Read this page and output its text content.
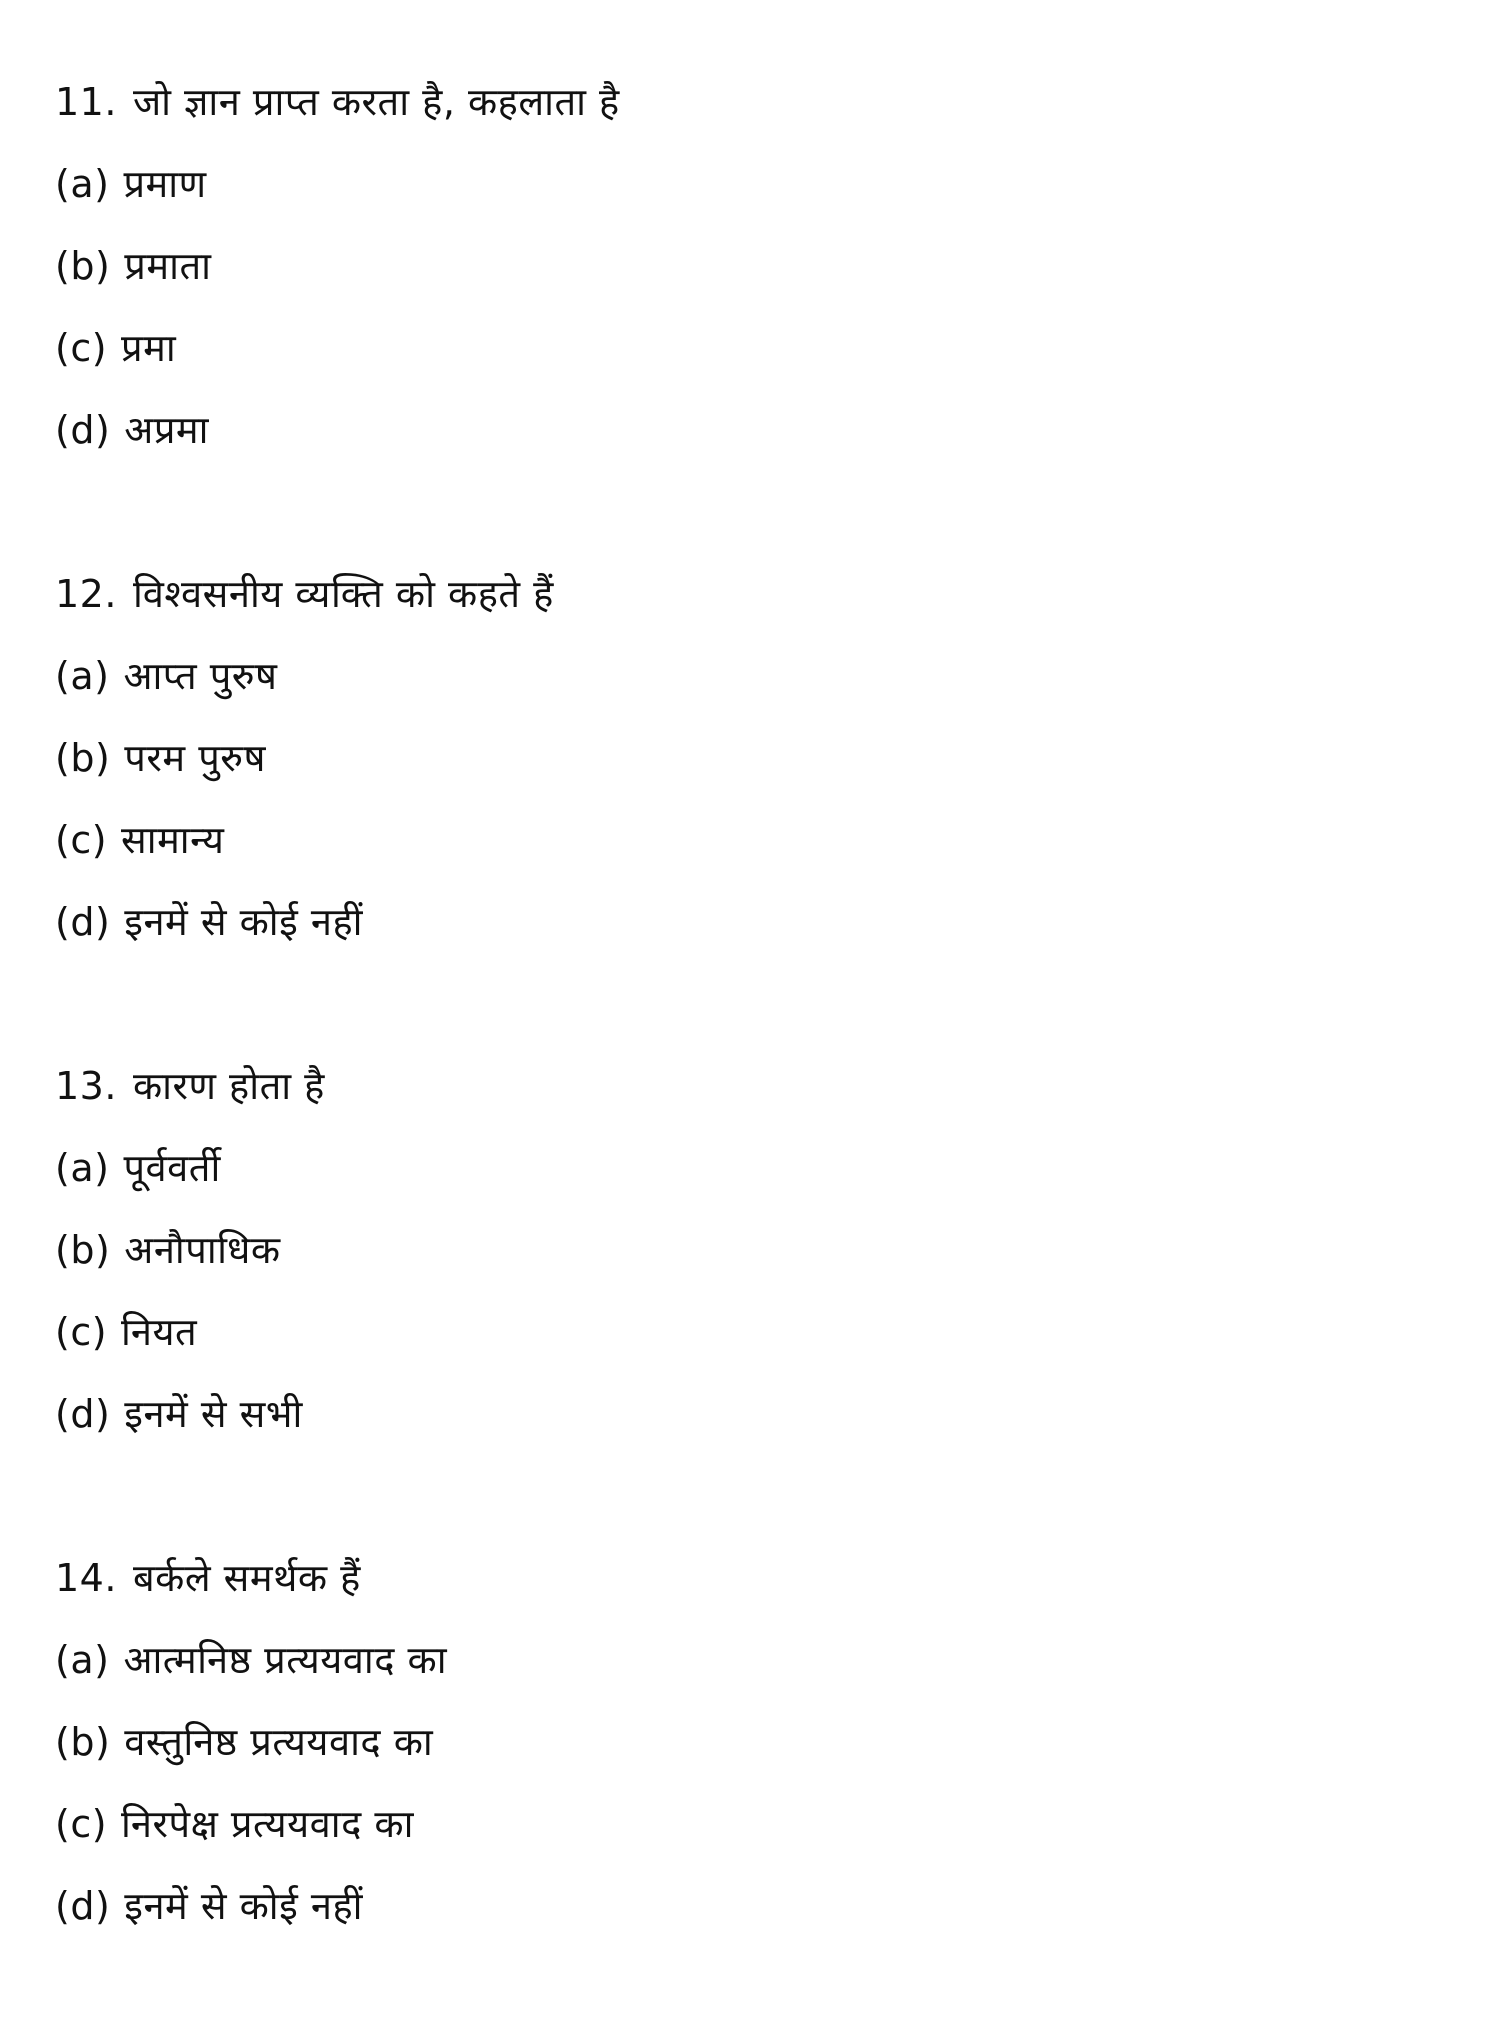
11. जो ज्ञान प्राप्त करता है, कहलाता है
(a) प्रमाण
(b) प्रमाता
(c) प्रमा
(d) अप्रमा
12. विश्वसनीय व्यक्ति को कहते हैं
(a) आप्त पुरुष
(b) परम पुरुष
(c) सामान्य
(d) इनमें से कोई नहीं
13. कारण होता है
(a) पूर्ववर्ती
(b) अनौपाधिक
(c) नियत
(d) इनमें से सभी
14. बर्कले समर्थक हैं
(a) आत्मनिष्ठ प्रत्ययवाद का
(b) वस्तुनिष्ठ प्रत्ययवाद का
(c) निरपेक्ष प्रत्ययवाद का
(d) इनमें से कोई नहीं
